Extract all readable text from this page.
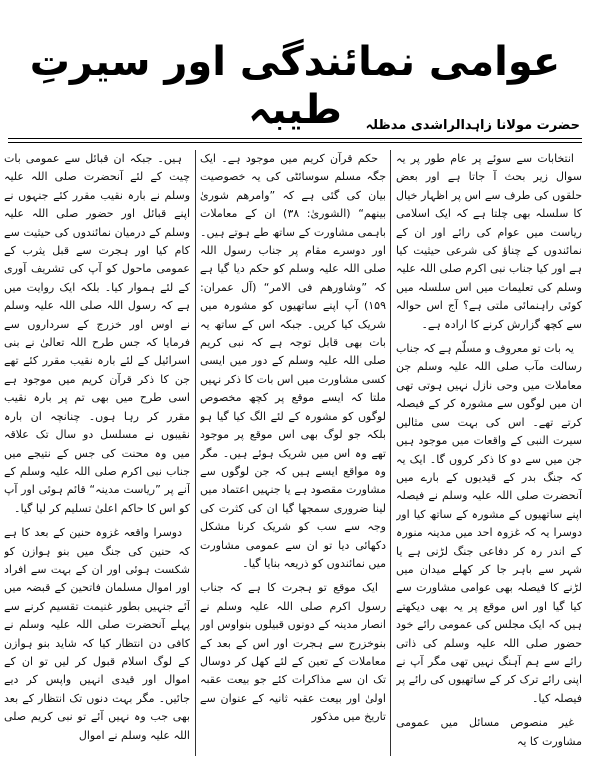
عوامی نمائندگی اور سیرتِ طیبہ	حضرت مولانا زاہدالراشدی مدظلہ

انتخابات سے سوئے پر عام طور پر یہ سوال زیر بحث آ جاتا ہے اور بعض حلقوں کی طرف سے اس پر اظہار خیال کا سلسلہ بھی چلتا ہے کہ ایک اسلامی ریاست میں عوام کی رائے اور ان کے نمائندوں کے چناؤ کی شرعی حیثیت کیا ہے اور کیا جناب نبی اکرم صلی اللہ علیہ وسلم کی تعلیمات میں اس سلسلہ میں کوئی راہنمائی ملتی ہے؟ آج اس حوالہ سے کچھ گزارش کرنے کا ارادہ ہے۔

یہ بات تو معروف و مسلّم ہے کہ جناب رسالت مآب صلی اللہ علیہ وسلم جن معاملات میں وحی نازل نہیں ہوتی تھی ان میں لوگوں سے مشورہ کر کے فیصلہ کرتے تھے۔ اس کی بہت سی مثالیں سیرت النبی کے واقعات میں موجود ہیں جن میں سے دو کا ذکر کروں گا۔ ایک یہ کہ جنگ بدر کے قیدیوں کے بارے میں آنحضرت صلی اللہ علیہ وسلم نے فیصلہ اپنے ساتھیوں کے مشورہ کے ساتھ کیا اور دوسرا یہ کہ غزوہ احد میں مدینہ منورہ کے اندر رہ کر دفاعی جنگ لڑنی ہے یا شہر سے باہر جا کر کھلے میدان میں لڑنے کا فیصلہ بھی عوامی مشاورت سے کیا گیا اور اس موقع پر یہ بھی دیکھتے ہیں کہ ایک مجلس کی عمومی رائے خود حضور صلی اللہ علیہ وسلم کی ذاتی رائے سے ہم آہنگ نہیں تھی مگر آپ نے اپنی رائے ترک کر کے ساتھیوں کی رائے پر فیصلہ کیا۔

غیر منصوص مسائل میں عمومی مشاورت کا یہ

حکم قرآن کریم میں موجود ہے۔ ایک جگہ مسلم سوسائٹی کی یہ خصوصیت بیان کی گئی ہے کہ ”وامرھم شوریٰ بینھم“ (الشوریٰ: ۳۸) ان کے معاملات باہمی مشاورت کے ساتھ طے ہوتے ہیں۔ اور دوسرے مقام پر جناب رسول اللہ صلی اللہ علیہ وسلم کو حکم دیا گیا ہے کہ ”وشاورھم فی الامر“ (آل عمران: ۱۵۹) آپ اپنے ساتھیوں کو مشورہ میں شریک کیا کریں۔ جبکہ اس کے ساتھ یہ بات بھی قابل توجہ ہے کہ نبی کریم صلی اللہ علیہ وسلم کے دور میں ایسی کسی مشاورت میں اس بات کا ذکر نہیں ملتا کہ ایسے موقع پر کچھ مخصوص لوگوں کو مشورہ کے لئے الگ کیا گیا ہو بلکہ جو لوگ بھی اس موقع پر موجود تھے وہ اس میں شریک ہوئے ہیں۔ مگر وہ مواقع ایسے ہیں کہ جن لوگوں سے مشاورت مقصود ہے یا جنہیں اعتماد میں لینا ضروری سمجھا گیا ان کی کثرت کی وجہ سے سب کو شریک کرنا مشکل دکھائی دیا تو ان سے عمومی مشاورت میں نمائندوں کو ذریعہ بنایا گیا۔

ایک موقع تو ہجرت کا ہے کہ جناب رسول اکرم صلی اللہ علیہ وسلم نے انصار مدینہ کے دونوں قبیلوں بنواوس اور بنوخزرج سے ہجرت اور اس کے بعد کے معاملات کے تعین کے لئے کھل کر دوسال تک ان سے مذاکرات کئے جو بیعت عقبہ اولیٰ اور بیعت عقبہ ثانیہ کے عنوان سے تاریخ میں مذکور

ہیں۔ جبکہ ان قبائل سے عمومی بات چیت کے لئے آنحضرت صلی اللہ علیہ وسلم نے بارہ نقیب مقرر کئے جنہوں نے اپنے قبائل اور حضور صلی اللہ علیہ وسلم کے درمیان نمائندوں کی حیثیت سے کام کیا اور ہجرت سے قبل یثرب کے عمومی ماحول کو آپ کی تشریف آوری کے لئے ہموار کیا۔ بلکہ ایک روایت میں ہے کہ رسول اللہ صلی اللہ علیہ وسلم نے اوس اور خزرج کے سرداروں سے فرمایا کہ جس طرح اللہ تعالیٰ نے بنی اسرائیل کے لئے بارہ نقیب مقرر کئے تھے جن کا ذکر قرآن کریم میں موجود ہے اسی طرح میں بھی تم پر بارہ نقیب مقرر کر رہا ہوں۔ چنانچہ ان بارہ نقیبوں نے مسلسل دو سال تک علاقہ میں وہ محنت کی جس کے نتیجے میں جناب نبی اکرم صلی اللہ علیہ وسلم کے آنے پر ”ریاست مدینہ“ قائم ہوئی اور آپ کو اس کا حاکم اعلیٰ تسلیم کر لیا گیا۔

دوسرا واقعہ غزوہ حنین کے بعد کا ہے کہ حنین کی جنگ میں بنو ہوازن کو شکست ہوئی اور ان کے بہت سے افراد اور اموال مسلمان فاتحین کے قبضہ میں آئے جنہیں بطور غنیمت تقسیم کرنے سے پہلے آنحضرت صلی اللہ علیہ وسلم نے کافی دن انتظار کیا کہ شاید بنو ہوازن کے لوگ اسلام قبول کر لیں تو ان کے اموال اور قیدی انہیں واپس کر دیے جائیں۔ مگر بہت دنوں تک انتظار کے بعد بھی جب وہ نہیں آئے تو نبی کریم صلی اللہ علیہ وسلم نے اموال
